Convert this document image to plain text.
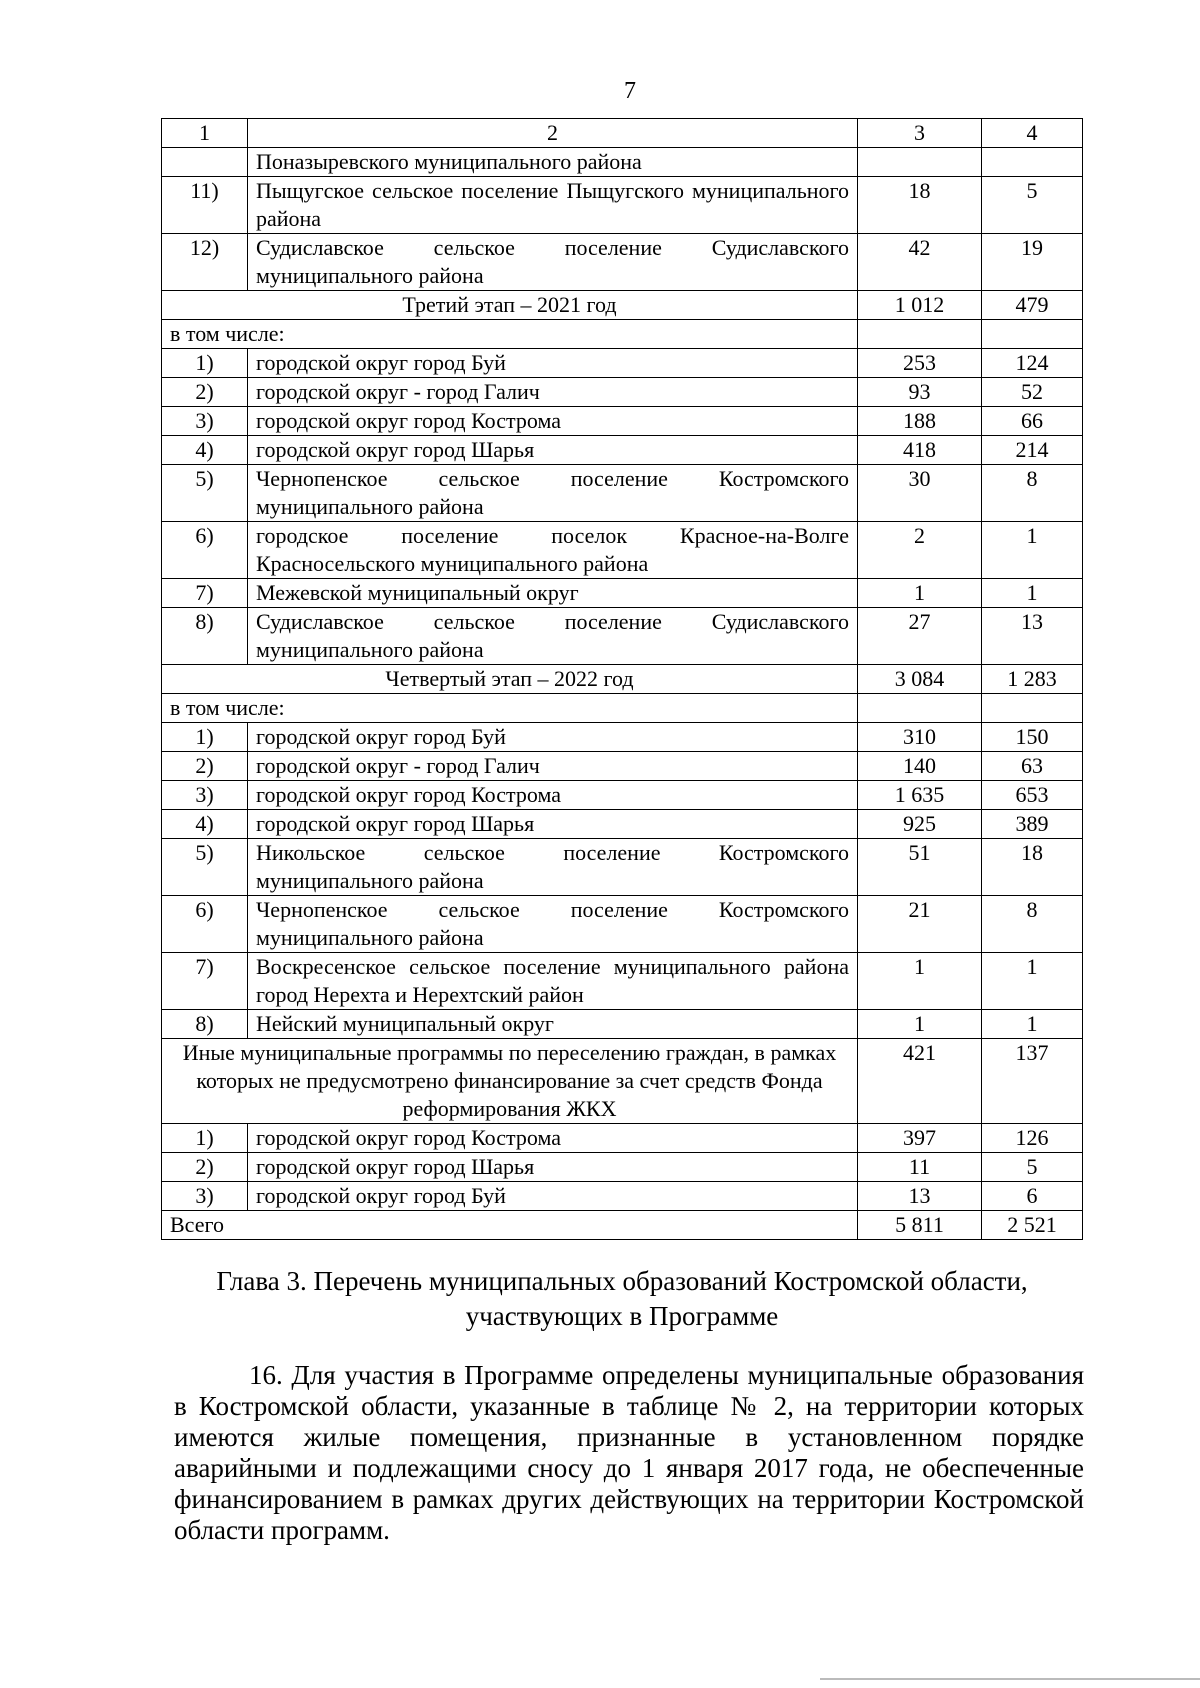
7
1	2	3	4
	Поназыревского муниципального района		
11)	Пыщугское сельское поселение Пыщугского муниципального района	18	5
12)	Судиславское сельское поселение Судиславского муниципального района	42	19
Третий этап – 2021 год		1 012	479
в том числе:			
1)	городской округ город Буй	253	124
2)	городской округ - город Галич	93	52
3)	городской округ город Кострома	188	66
4)	городской округ город Шарья	418	214
5)	Чернопенское сельское поселение Костромского муниципального района	30	8
6)	городское поселение поселок Красное-на-Волге Красносельского муниципального района	2	1
7)	Межевской муниципальный округ	1	1
8)	Судиславское сельское поселение Судиславского муниципального района	27	13
Четвертый этап – 2022 год		3 084	1 283
в том числе:			
1)	городской округ город Буй	310	150
2)	городской округ - город Галич	140	63
3)	городской округ город Кострома	1 635	653
4)	городской округ город Шарья	925	389
5)	Никольское сельское поселение Костромского муниципального района	51	18
6)	Чернопенское сельское поселение Костромского муниципального района	21	8
7)	Воскресенское сельское поселение муниципального района город Нерехта и Нерехтский район	1	1
8)	Нейский муниципальный округ	1	1
Иные муниципальные программы по переселению граждан, в рамках которых не предусмотрено финансирование за счет средств Фонда реформирования ЖКХ		421	137
1)	городской округ город Кострома	397	126
2)	городской округ город Шарья	11	5
3)	городской округ город Буй	13	6
Всего		5 811	2 521
Глава 3. Перечень муниципальных образований Костромской области, участвующих в Программе

16. Для участия в Программе определены муниципальные образования в Костромской области, указанные в таблице № 2, на территории которых имеются жилые помещения, признанные в установленном порядке аварийными и подлежащими сносу до 1 января 2017 года, не обеспеченные финансированием в рамках других действующих на территории Костромской области программ.
